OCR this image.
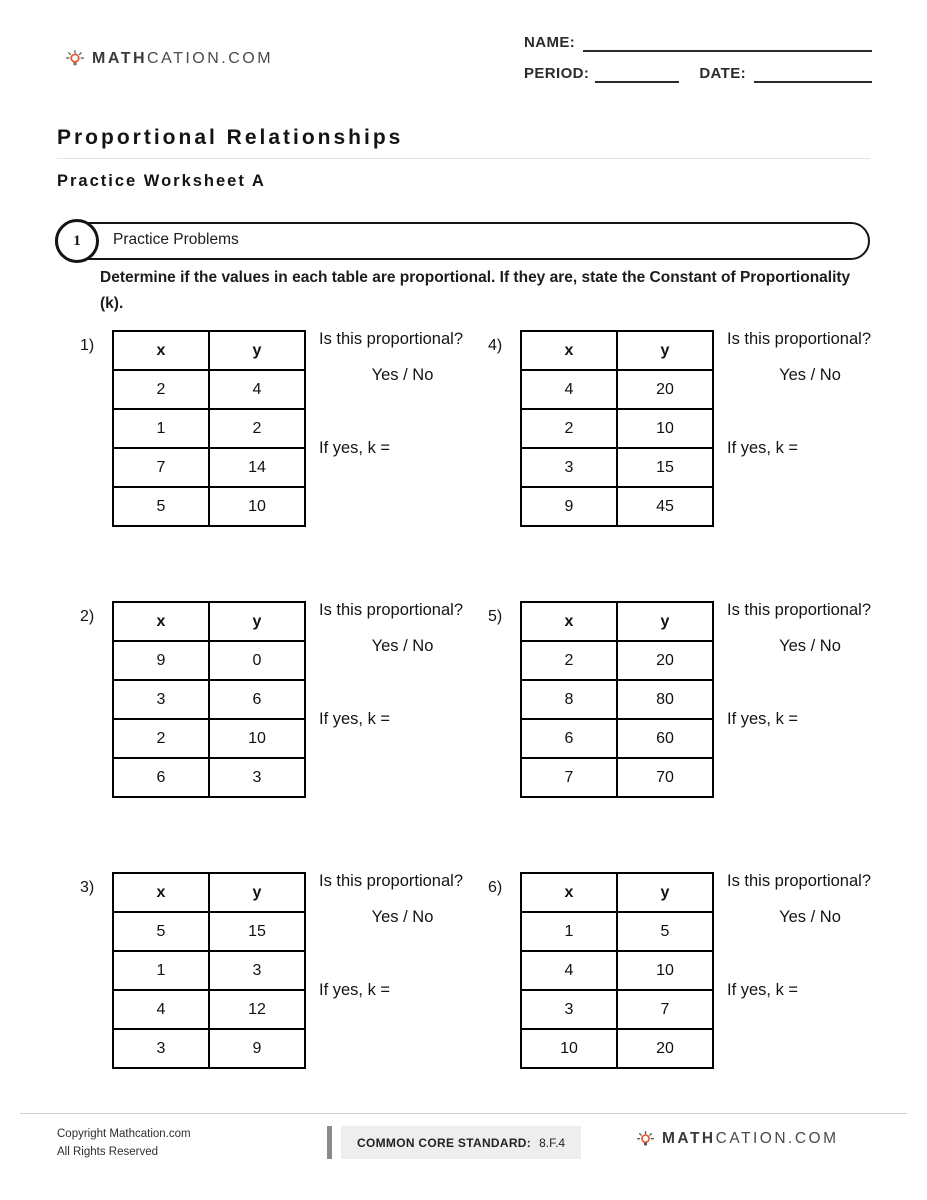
MATHCATION.COM
NAME:
PERIOD:	DATE:
Proportional Relationships
Practice Worksheet A
1	Practice Problems
Determine if the values in each table are proportional. If they are, state the Constant of Proportionality (k).
1)	x	y
2	4
1	2
7	14
5	10
Is this proportional?
Yes / No
If yes, k =
4)	x	y
4	20
2	10
3	15
9	45
Is this proportional?
Yes / No
If yes, k =
2)	x	y
9	0
3	6
2	10
6	3
Is this proportional?
Yes / No
If yes, k =
5)	x	y
2	20
8	80
6	60
7	70
Is this proportional?
Yes / No
If yes, k =
3)	x	y
5	15
1	3
4	12
3	9
Is this proportional?
Yes / No
If yes, k =
6)	x	y
1	5
4	10
3	7
10	20
Is this proportional?
Yes / No
If yes, k =
Copyright Mathcation.com
All Rights Reserved
COMMON CORE STANDARD: 8.F.4	MATHCATION.COM
